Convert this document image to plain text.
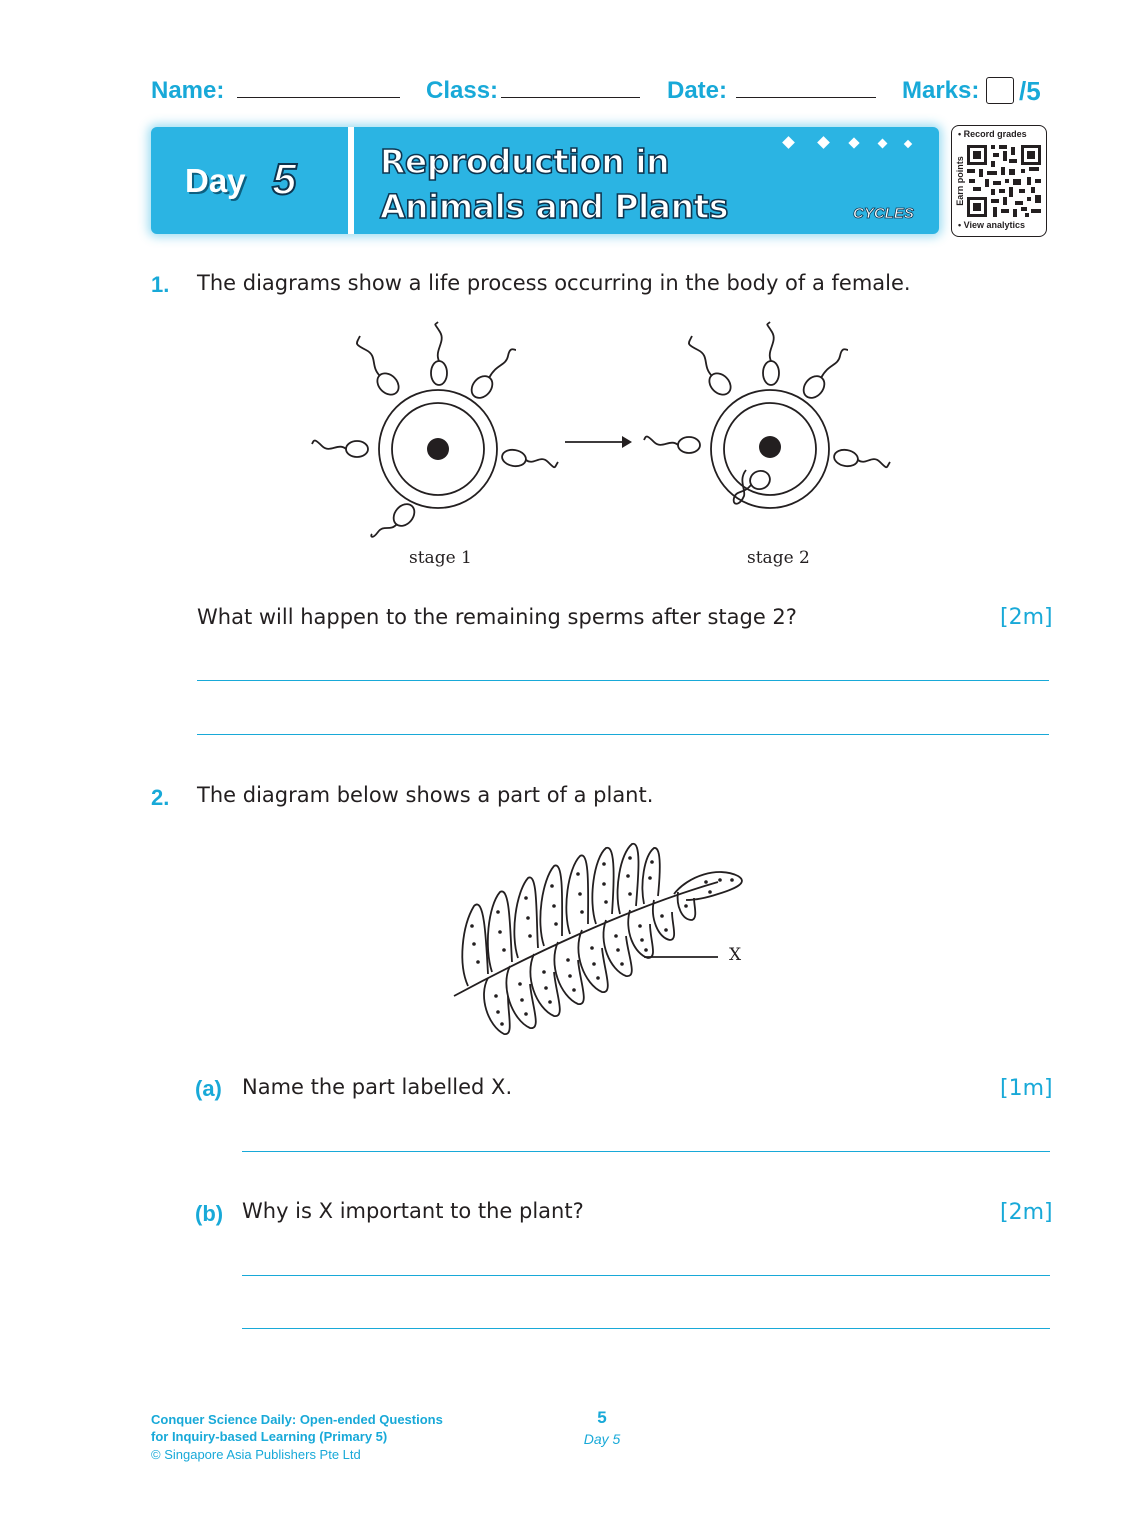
Name:	Class:	Date:	Marks: /5
Day 5	Reproduction in
Animals and Plants	CYCLES
• Record grades
Earn points
• View analytics
1. The diagrams show a life process occurring in the body of a female.
stage 1	stage 2
What will happen to the remaining sperms after stage 2?	[2m]
2. The diagram below shows a part of a plant.
X
(a) Name the part labelled X.	[1m]
(b) Why is X important to the plant?	[2m]
Conquer Science Daily: Open-ended Questions
for Inquiry-based Learning (Primary 5)
© Singapore Asia Publishers Pte Ltd
5
Day 5
